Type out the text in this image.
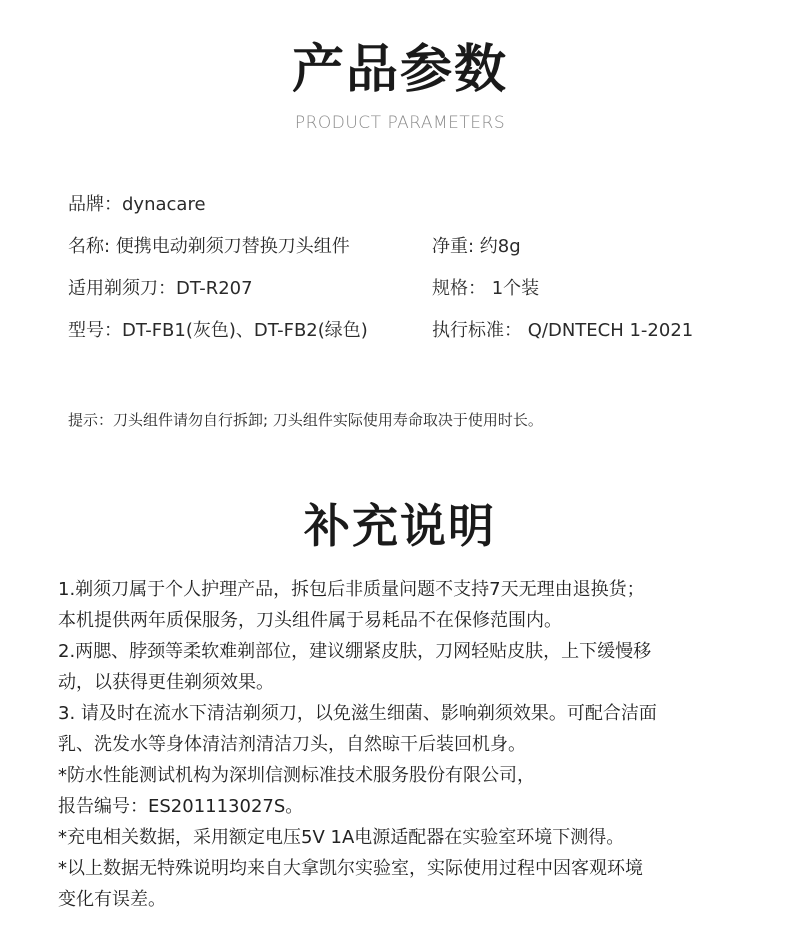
产品参数
PRODUCT PARAMETERS
品牌：dynacare
名称: 便携电动剃须刀替换刀头组件	净重: 约8g
适用剃须刀：DT-R207	规格： 1个装
型号：DT-FB1(灰色)、DT-FB2(绿色)	执行标准： Q/DNTECH 1-2021
提示：刀头组件请勿自行拆卸; 刀头组件实际使用寿命取决于使用时长。
补充说明
1.剃须刀属于个人护理产品，拆包后非质量问题不支持7天无理由退换货；
本机提供两年质保服务，刀头组件属于易耗品不在保修范围内。
2.两腮、脖颈等柔软难剃部位，建议绷紧皮肤，刀网轻贴皮肤，上下缓慢移
动，以获得更佳剃须效果。
3. 请及时在流水下清洁剃须刀，以免滋生细菌、影响剃须效果。可配合洁面
乳、洗发水等身体清洁剂清洁刀头，自然晾干后装回机身。
*防水性能测试机构为深圳信测标准技术服务股份有限公司，
报告编号：ES201113027S。
*充电相关数据，采用额定电压5V 1A电源适配器在实验室环境下测得。
*以上数据无特殊说明均来自大拿凯尔实验室，实际使用过程中因客观环境
变化有误差。
